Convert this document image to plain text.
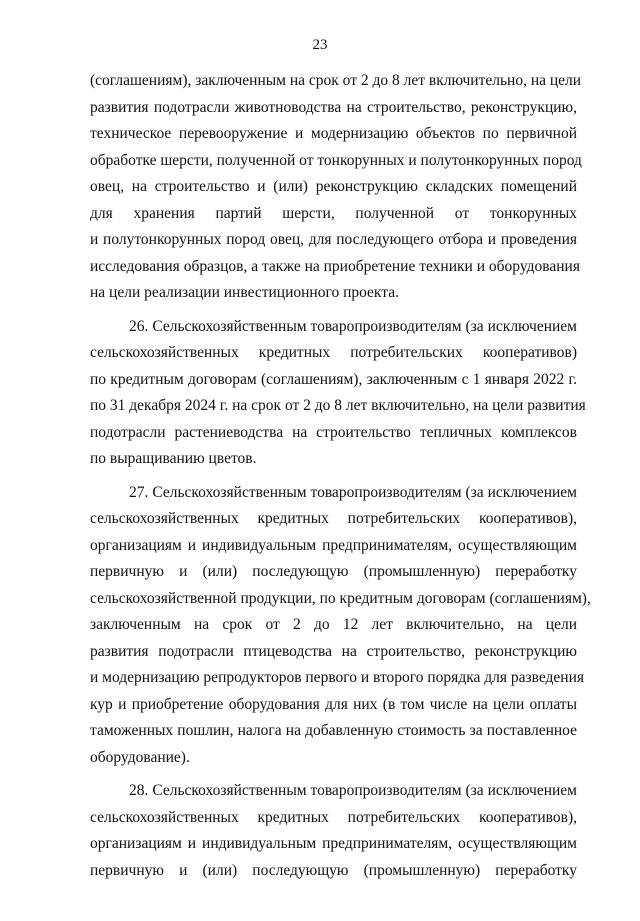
23
(соглашениям), заключенным на срок от 2 до 8 лет включительно, на цели
развития подотрасли животноводства на строительство, реконструкцию,
техническое перевооружение и модернизацию объектов по первичной
обработке шерсти, полученной от тонкорунных и полутонкорунных пород
овец, на строительство и (или) реконструкцию складских помещений
для хранения партий шерсти, полученной от тонкорунных
и полутонкорунных пород овец, для последующего отбора и проведения
исследования образцов, а также на приобретение техники и оборудования
на цели реализации инвестиционного проекта.
26. Сельскохозяйственным товаропроизводителям (за исключением
сельскохозяйственных кредитных потребительских кооперативов)
по кредитным договорам (соглашениям), заключенным с 1 января 2022 г.
по 31 декабря 2024 г. на срок от 2 до 8 лет включительно, на цели развития
подотрасли растениеводства на строительство тепличных комплексов
по выращиванию цветов.
27. Сельскохозяйственным товаропроизводителям (за исключением
сельскохозяйственных кредитных потребительских кооперативов),
организациям и индивидуальным предпринимателям, осуществляющим
первичную и (или) последующую (промышленную) переработку
сельскохозяйственной продукции, по кредитным договорам (соглашениям),
заключенным на срок от 2 до 12 лет включительно, на цели
развития подотрасли птицеводства на строительство, реконструкцию
и модернизацию репродукторов первого и второго порядка для разведения
кур и приобретение оборудования для них (в том числе на цели оплаты
таможенных пошлин, налога на добавленную стоимость за поставленное
оборудование).
28. Сельскохозяйственным товаропроизводителям (за исключением
сельскохозяйственных кредитных потребительских кооперативов),
организациям и индивидуальным предпринимателям, осуществляющим
первичную и (или) последующую (промышленную) переработку
